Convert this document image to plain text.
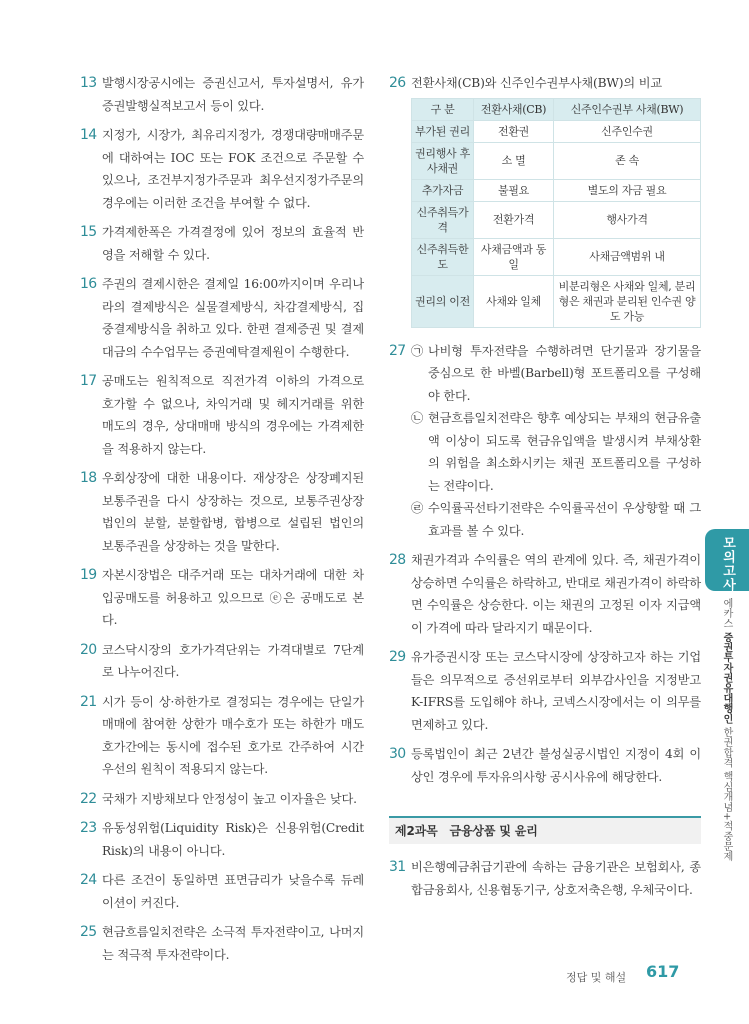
13 발행시장공시에는 증권신고서, 투자설명서, 유가증권발행실적보고서 등이 있다.
14 지정가, 시장가, 최유리지정가, 경쟁대량매매주문에 대하여는 IOC 또는 FOK 조건으로 주문할 수 있으나, 조건부지정가주문과 최우선지정가주문의 경우에는 이러한 조건을 부여할 수 없다.
15 가격제한폭은 가격결정에 있어 정보의 효율적 반영을 저해할 수 있다.
16 주권의 결제시한은 결제일 16:00까지이며 우리나라의 결제방식은 실물결제방식, 차감결제방식, 집중결제방식을 취하고 있다. 한편 결제증권 및 결제대금의 수수업무는 증권예탁결제원이 수행한다.
17 공매도는 원칙적으로 직전가격 이하의 가격으로 호가할 수 없으나, 차익거래 및 헤지거래를 위한 매도의 경우, 상대매매 방식의 경우에는 가격제한을 적용하지 않는다.
18 우회상장에 대한 내용이다. 재상장은 상장폐지된 보통주권을 다시 상장하는 것으로, 보통주권상장법인의 분할, 분할합병, 합병으로 설립된 법인의 보통주권을 상장하는 것을 말한다.
19 자본시장법은 대주거래 또는 대차거래에 대한 차입공매도를 허용하고 있으므로 ⓔ은 공매도로 본다.
20 코스닥시장의 호가가격단위는 가격대별로 7단계로 나누어진다.
21 시가 등이 상·하한가로 결정되는 경우에는 단일가매매에 참여한 상한가 매수호가 또는 하한가 매도호가간에는 동시에 접수된 호가로 간주하여 시간우선의 원칙이 적용되지 않는다.
22 국채가 지방채보다 안정성이 높고 이자율은 낮다.
23 유동성위험(Liquidity Risk)은 신용위험(Credit Risk)의 내용이 아니다.
24 다른 조건이 동일하면 표면금리가 낮을수록 듀레이션이 커진다.
25 현금흐름일치전략은 소극적 투자전략이고, 나머지는 적극적 투자전략이다.
26 전환사채(CB)와 신주인수권부사채(BW)의 비교

구 분	전환사채(CB)	신주인수권부 사채(BW)
부가된 권리	전환권	신주인수권
권리행사 후 사채권	소 멸	존 속
추가자금	불필요	별도의 자금 필요
신주취득가격	전환가격	행사가격
신주취득한도	사채금액과 동일	사채금액범위 내
권리의 이전	사채와 일체	비분리형은 사채와 일체, 분리형은 채권과 분리된 인수권 양도 가능
27 ㉠ 나비형 투자전략을 수행하려면 단기물과 장기물을 중심으로 한 바벨(Barbell)형 포트폴리오를 구성해야 한다.
㉡ 현금흐름일치전략은 향후 예상되는 부채의 현금유출액 이상이 되도록 현금유입액을 발생시켜 부채상환의 위험을 최소화시키는 채권 포트폴리오를 구성하는 전략이다.
㉣ 수익률곡선타기전략은 수익률곡선이 우상향할 때 그 효과를 볼 수 있다.
28 채권가격과 수익률은 역의 관계에 있다. 즉, 채권가격이 상승하면 수익률은 하락하고, 반대로 채권가격이 하락하면 수익률은 상승한다. 이는 채권의 고정된 이자 지급액이 가격에 따라 달라지기 때문이다.
29 유가증권시장 또는 코스닥시장에 상장하고자 하는 기업들은 의무적으로 증선위로부터 외부감사인을 지정받고 K-IFRS를 도입해야 하나, 코넥스시장에서는 이 의무를 면제하고 있다.
30 등록법인이 최근 2년간 불성실공시법인 지정이 4회 이상인 경우에 투자유의사항 공시사유에 해당한다.
제2과목 금융상품 및 윤리
31 비은행예금취급기관에 속하는 금융기관은 보험회사, 종합금융회사, 신용협동기구, 상호저축은행, 우체국이다.
모의고사
에카스 증권투자권유대행인 한권합격 핵심개념+적중문제
정답 및 해설 617
